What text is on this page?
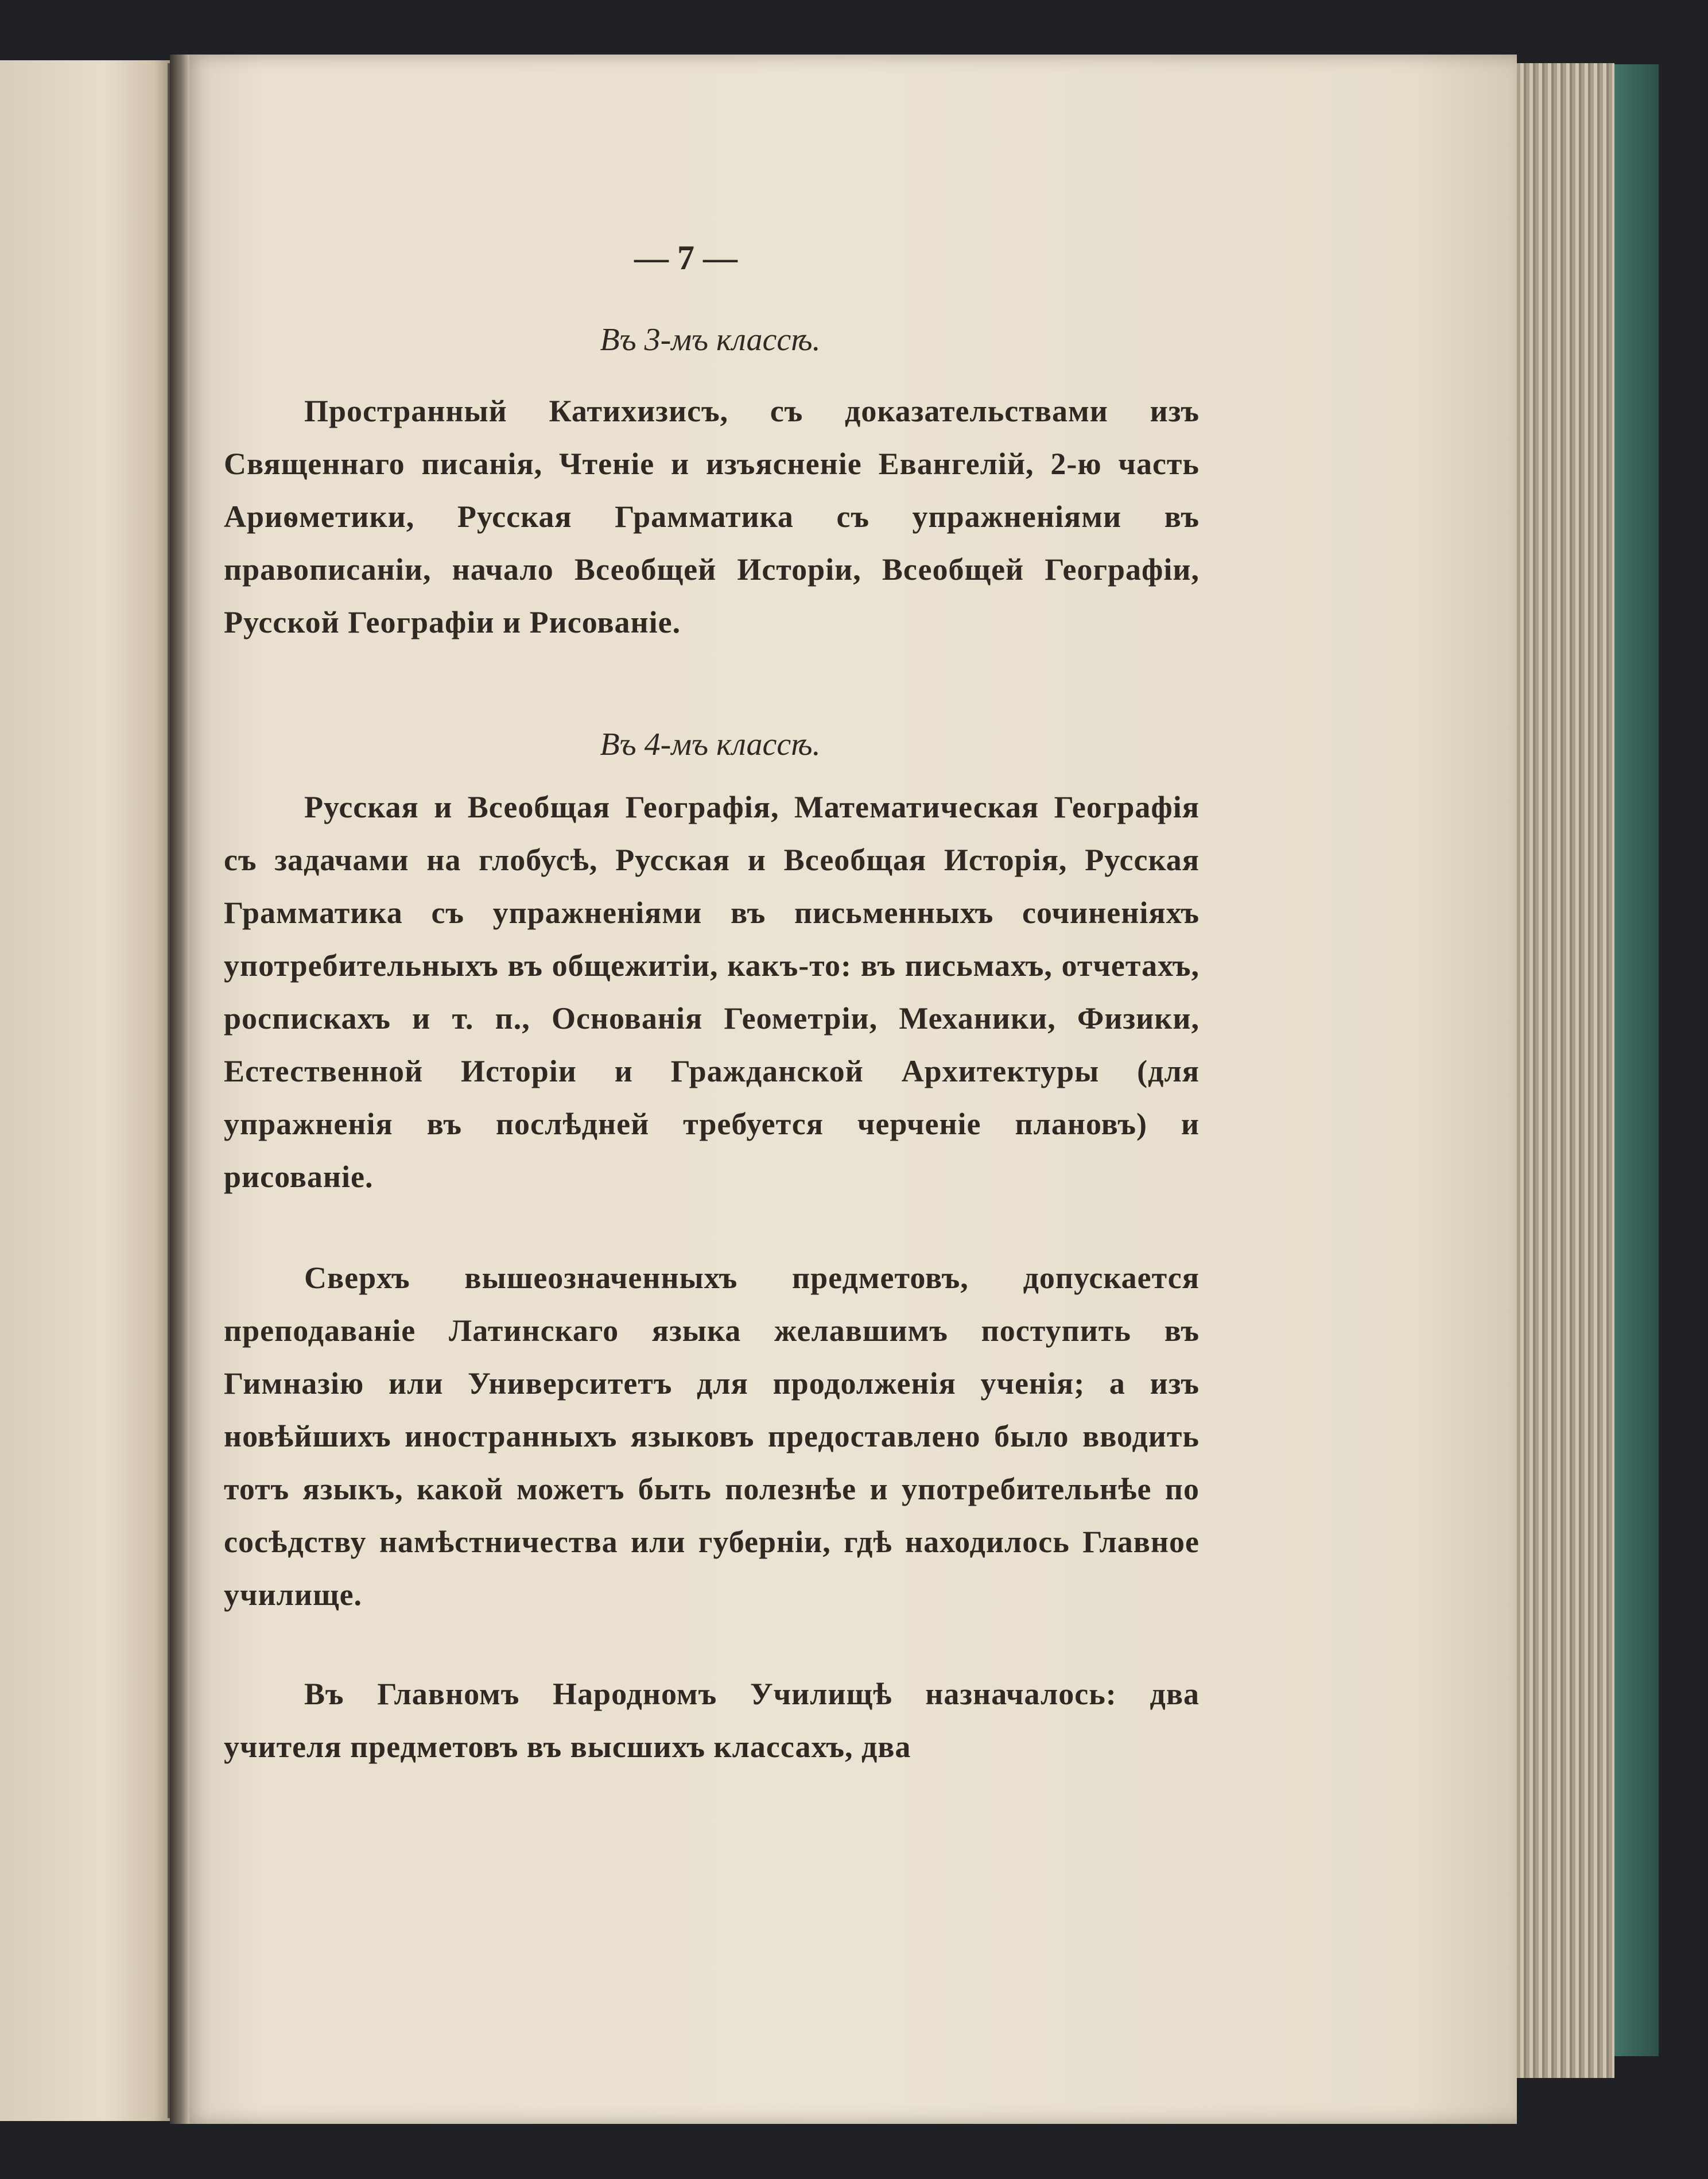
— 7 —
Въ 3-мъ классѣ.
Пространный Катихизисъ, съ доказательствами изъ Священнаго писанія, Чтеніе и изъясненіе Евангелій, 2-ю часть Ариѳметики, Русская Грамматика съ упражненіями въ правописаніи, начало Всеобщей Исторіи, Всеобщей Географіи, Русской Географіи и Рисованіе.
Въ 4-мъ классѣ.
Русская и Всеобщая Географія, Математическая Географія съ задачами на глобусѣ, Русская и Всеобщая Исторія, Русская Грамматика съ упражненіями въ письменныхъ сочиненіяхъ употребительныхъ въ общежитіи, какъ-то: въ письмахъ, отчетахъ, роспискахъ и т. п., Основанія Геометріи, Механики, Физики, Естественной Исторіи и Гражданской Архитектуры (для упражненія въ послѣдней требуется черченіе плановъ) и рисованіе.
Сверхъ вышеозначенныхъ предметовъ, допускается преподаваніе Латинскаго языка желавшимъ поступить въ Гимназію или Университетъ для продолженія ученія; а изъ новѣйшихъ иностранныхъ языковъ предоставлено было вводить тотъ языкъ, какой можетъ быть полезнѣе и употребительнѣе по сосѣдству намѣстничества или губерніи, гдѣ находилось Главное училище.
Въ Главномъ Народномъ Училищѣ назначалось: два учителя предметовъ въ высшихъ классахъ, два
